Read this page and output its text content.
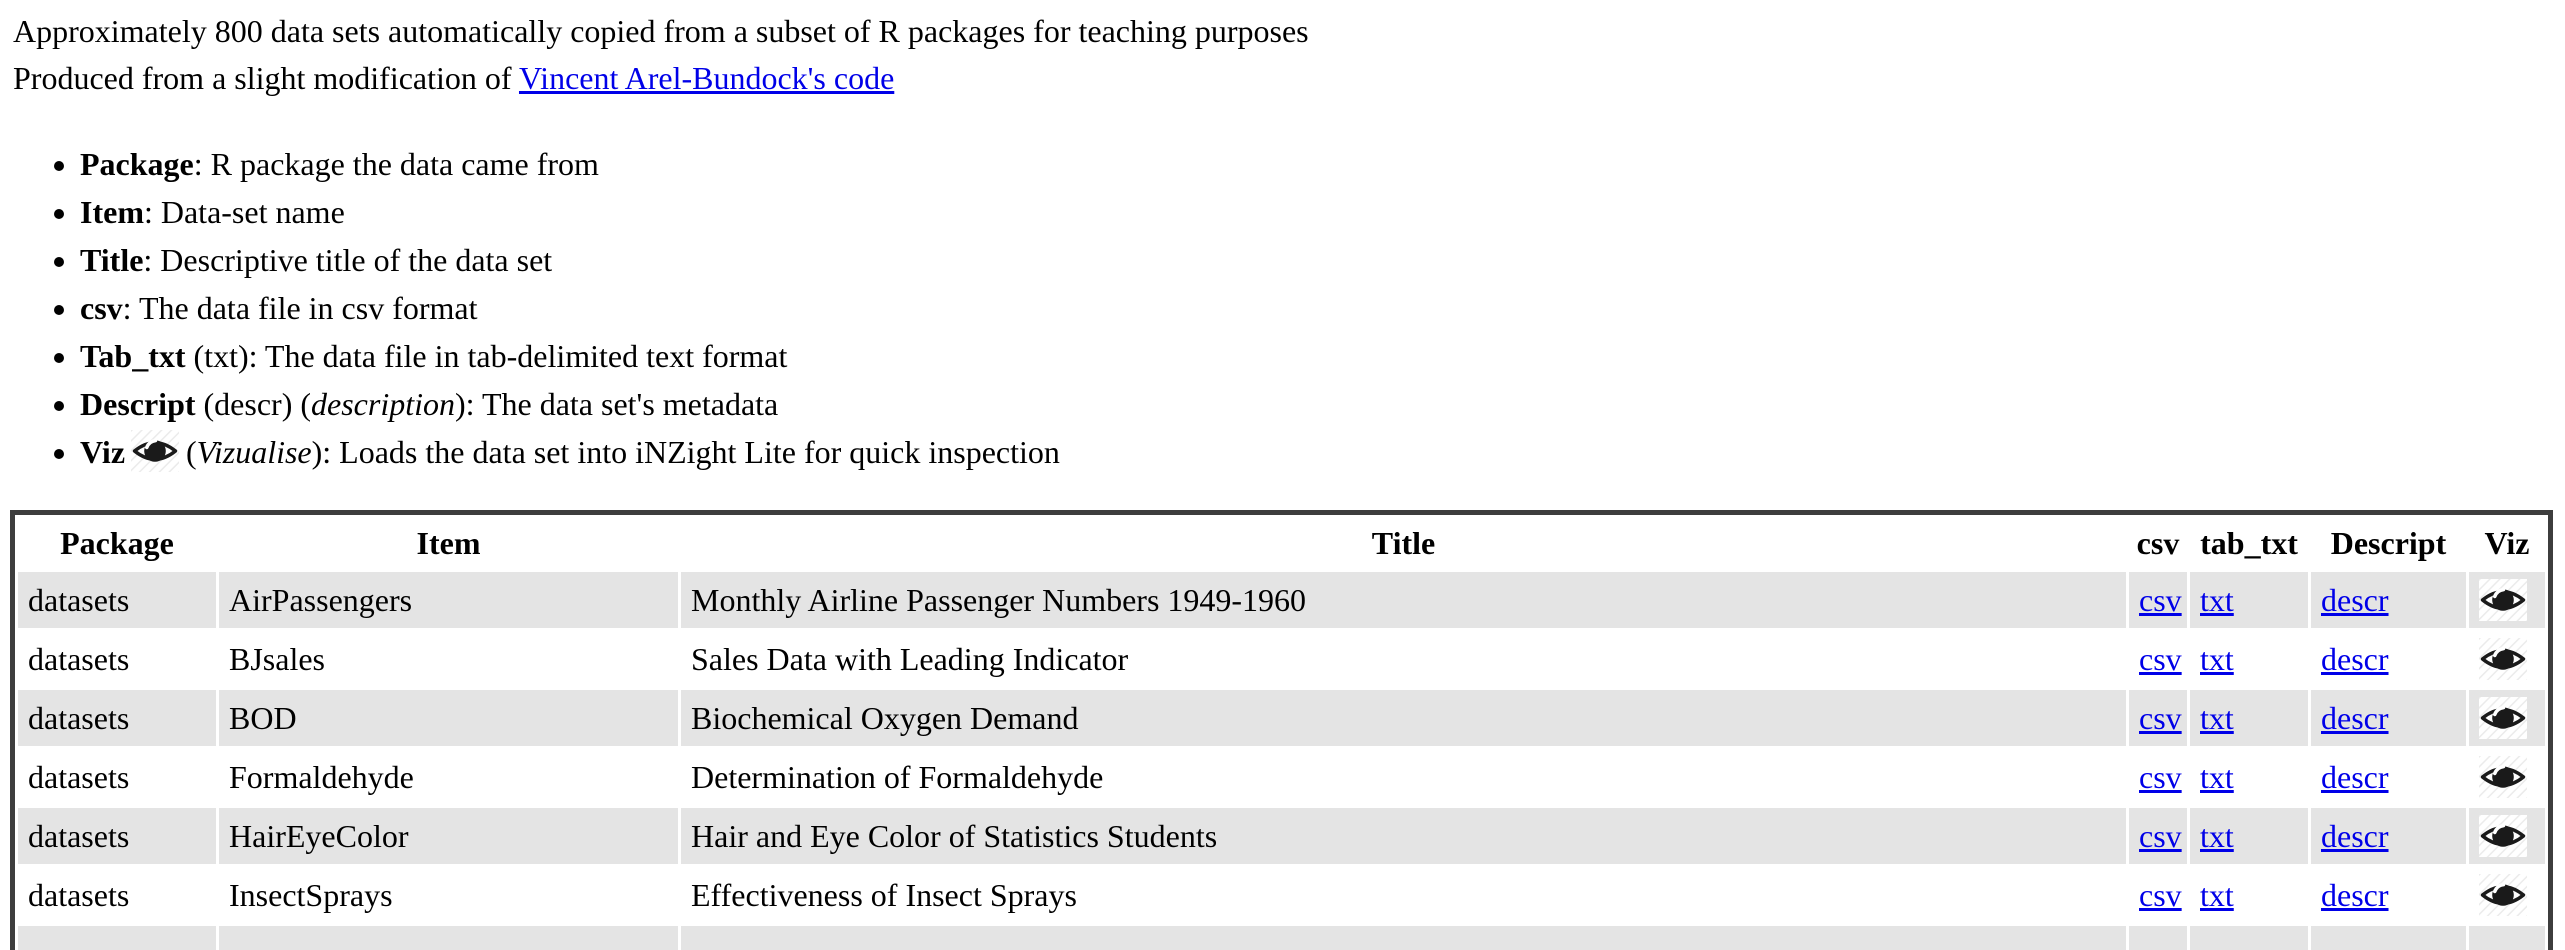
Approximately 800 data sets automatically copied from a subset of R packages for teaching purposes
Produced from a slight modification of Vincent Arel-Bundock's code

• Package: R package the data came from
• Item: Data-set name
• Title: Descriptive title of the data set
• csv: The data file in csv format
• Tab_txt (txt): The data file in tab-delimited text format
• Descript (descr) (description): The data set's metadata
• Viz (Vizualise): Loads the data set into iNZight Lite for quick inspection
Package	Item	Title	csv	tab_txt	Descript	Viz
datasets	AirPassengers	Monthly Airline Passenger Numbers 1949-1960	csv	txt	descr	

datasets	BJsales	Sales Data with Leading Indicator	csv	txt	descr	

datasets	BOD	Biochemical Oxygen Demand	csv	txt	descr	

datasets	Formaldehyde	Determination of Formaldehyde	csv	txt	descr	

datasets	HairEyeColor	Hair and Eye Color of Statistics Students	csv	txt	descr	

datasets	InsectSprays	Effectiveness of Insect Sprays	csv	txt	descr	
